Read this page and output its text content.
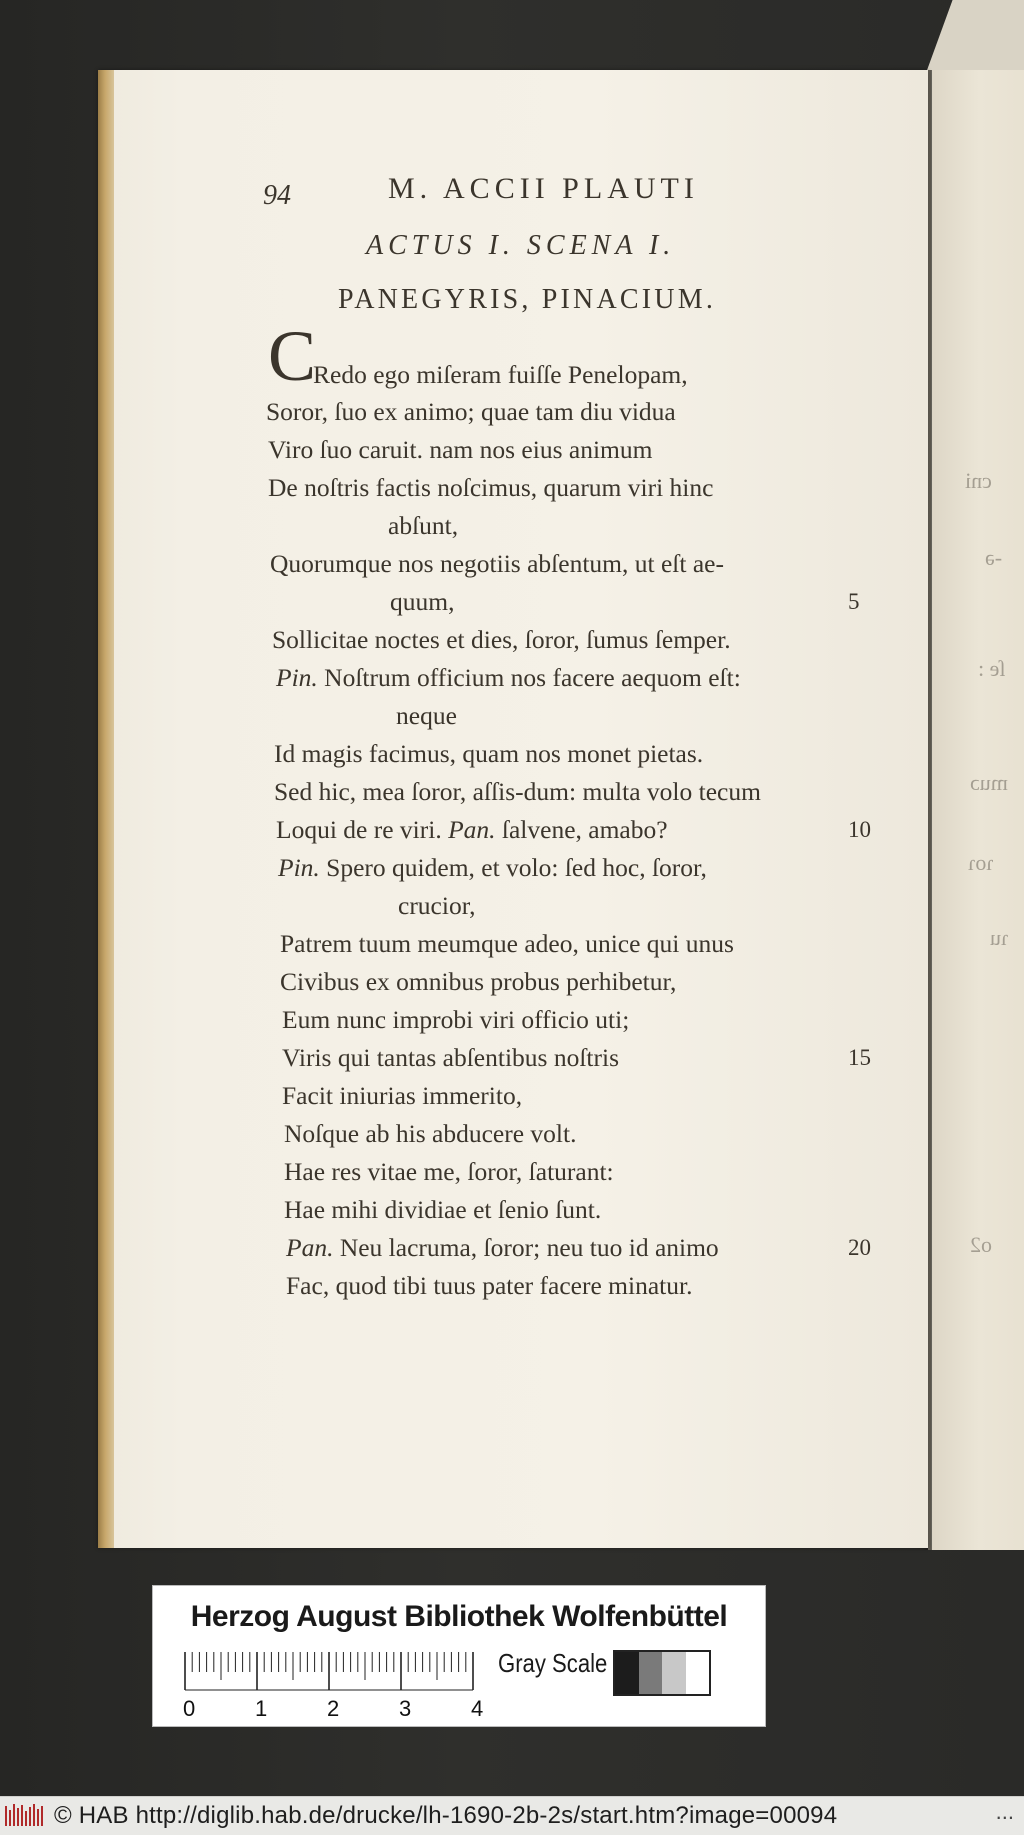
cni
-ə
ſe :
muɔ
ɿoɿ
ɿu
o2
94	M. ACCII PLAUTI
ACTUS I. SCENA I.
PANEGYRIS, PINACIUM.
C
Redo ego miſeram fuiſſe Penelopam,
Soror, ſuo ex animo; quae tam diu vidua
Viro ſuo caruit. nam nos eius animum
De noſtris factis noſcimus, quarum viri hinc
abſunt,
Quorumque nos negotiis abſentum, ut eſt ae-
quum,	5
Sollicitae noctes et dies, ſoror, ſumus ſemper.
Pin. Noſtrum officium nos facere aequom eſt:
neque
Id magis facimus, quam nos monet pietas.
Sed hic, mea ſoror, aſſis-dum: multa volo tecum
Loqui de re viri. Pan. ſalvene, amabo?	10
Pin. Spero quidem, et volo: ſed hoc, ſoror,
crucior,
Patrem tuum meumque adeo, unice qui unus
Civibus ex omnibus probus perhibetur,
Eum nunc improbi viri officio uti;
Viris qui tantas abſentibus noſtris	15
Facit iniurias immerito,
Noſque ab his abducere volt.
Hae res vitae me, ſoror, ſaturant:
Hae mihi dividiae et ſenio ſunt.
Pan. Neu lacruma, ſoror; neu tuo id animo	20
Fac, quod tibi tuus pater facere minatur.
Herzog August Bibliothek Wolfenbüttel
0	1	2	3	4
Gray Scale
© HAB http://diglib.hab.de/drucke/lh-1690-2b-2s/start.htm?image=00094	...
